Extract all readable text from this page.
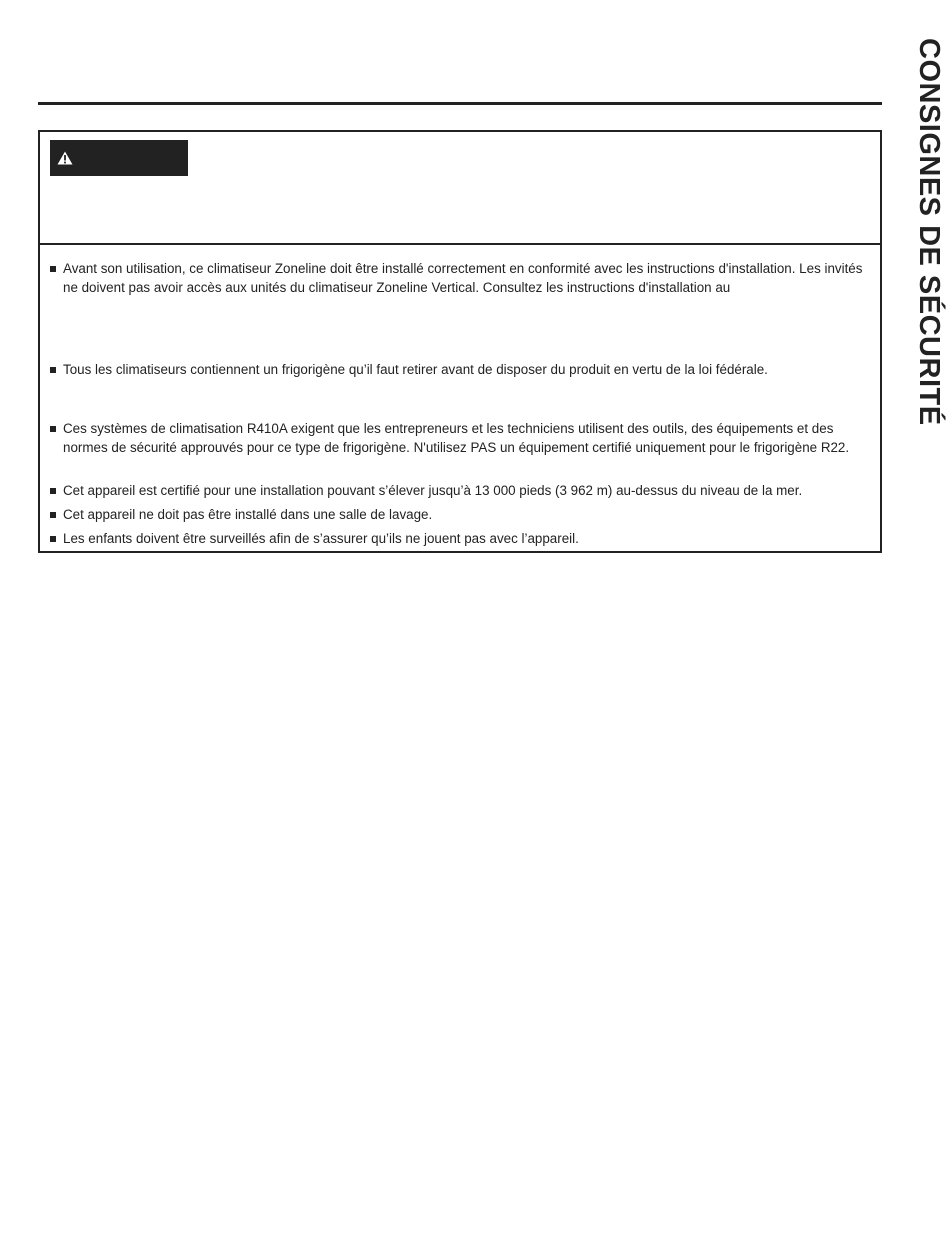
CONSIGNES DE SÉCURITÉ
Avant son utilisation, ce climatiseur Zoneline doit être installé correctement en conformité avec les instructions d'installation. Les invités ne doivent pas avoir accès aux unités du climatiseur Zoneline Vertical. Consultez les instructions d'installation au
Tous les climatiseurs contiennent un frigorigène qu’il faut retirer avant de disposer du produit en vertu de la loi fédérale.
Ces systèmes de climatisation R410A exigent que les entrepreneurs et les techniciens utilisent des outils, des équipements et des normes de sécurité approuvés pour ce type de frigorigène. N'utilisez PAS un équipement certifié uniquement pour le frigorigène R22.
Cet appareil est certifié pour une installation pouvant s’élever jusqu’à 13 000 pieds (3 962 m) au-dessus du niveau de la mer.
Cet appareil ne doit pas être installé dans une salle de lavage.
Les enfants doivent être surveillés afin de s’assurer qu’ils ne jouent pas avec l’appareil.
